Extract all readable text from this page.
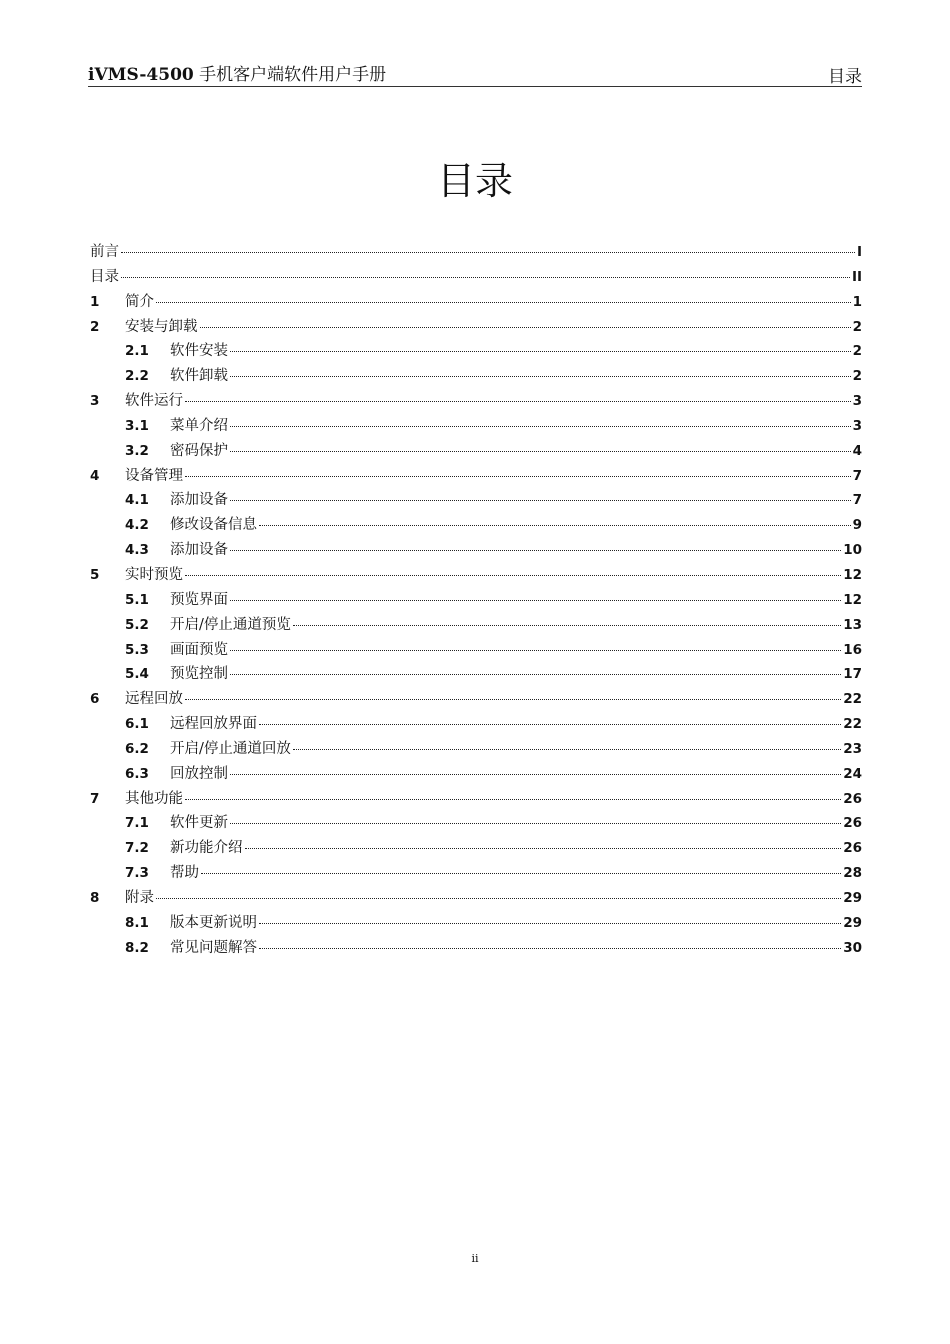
iVMS-4500 手机客户端软件用户手册	目录
目录
前言	I
目录	II
1	简介	1
2	安装与卸载	2
2.1	软件安装	2
2.2	软件卸载	2
3	软件运行	3
3.1	菜单介绍	3
3.2	密码保护	4
4	设备管理	7
4.1	添加设备	7
4.2	修改设备信息	9
4.3	添加设备	10
5	实时预览	12
5.1	预览界面	12
5.2	开启/停止通道预览	13
5.3	画面预览	16
5.4	预览控制	17
6	远程回放	22
6.1	远程回放界面	22
6.2	开启/停止通道回放	23
6.3	回放控制	24
7	其他功能	26
7.1	软件更新	26
7.2	新功能介绍	26
7.3	帮助	28
8	附录	29
8.1	版本更新说明	29
8.2	常见问题解答	30
ii
